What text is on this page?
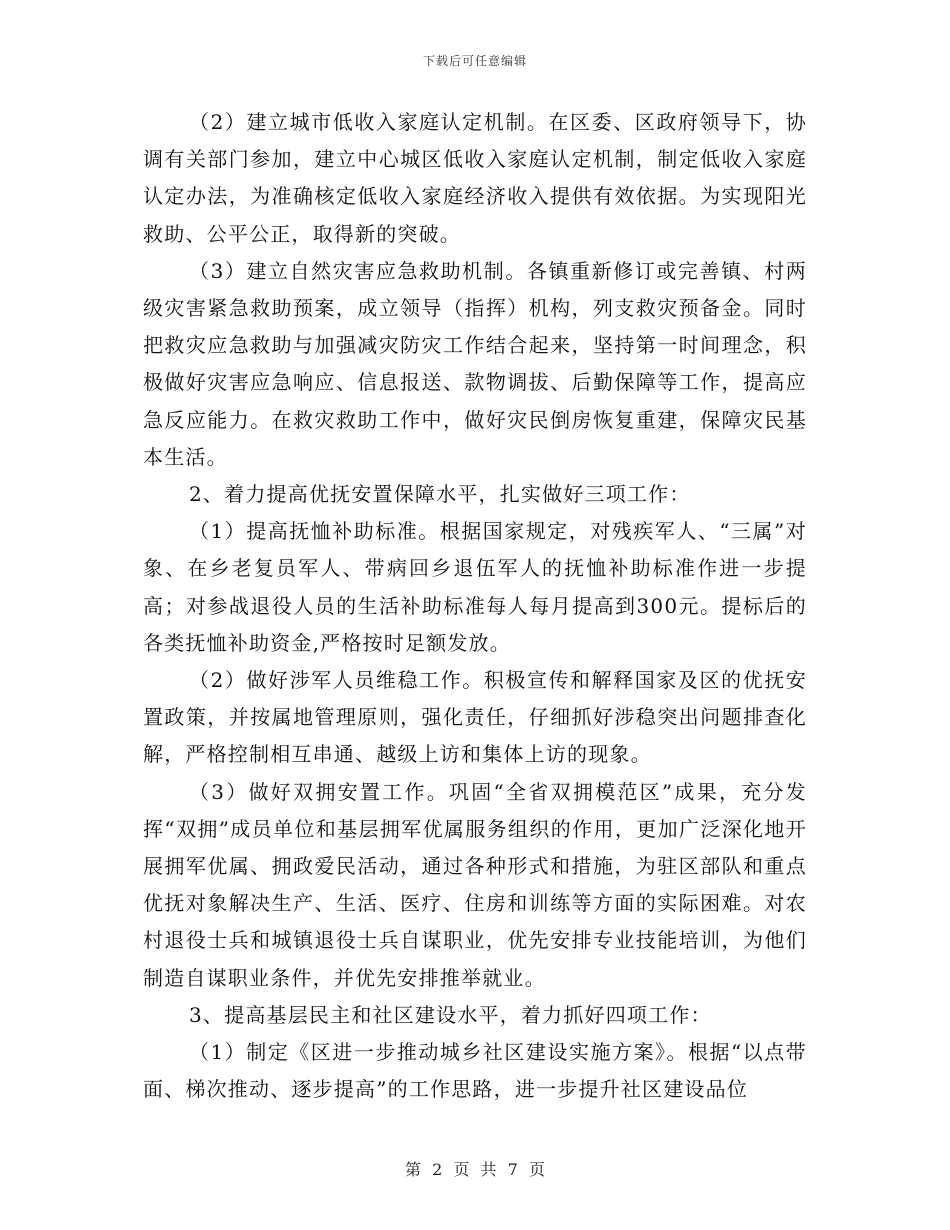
下载后可任意编辑

（2）建立城市低收入家庭认定机制。在区委、区政府领导下，协调有关部门参加，建立中心城区低收入家庭认定机制，制定低收入家庭认定办法，为准确核定低收入家庭经济收入提供有效依据。为实现阳光救助、公平公正，取得新的突破。

（3）建立自然灾害应急救助机制。各镇重新修订或完善镇、村两级灾害紧急救助预案，成立领导（指挥）机构，列支救灾预备金。同时把救灾应急救助与加强减灾防灾工作结合起来，坚持第一时间理念，积极做好灾害应急响应、信息报送、款物调拔、后勤保障等工作，提高应急反应能力。在救灾救助工作中，做好灾民倒房恢复重建，保障灾民基本生活。

2、着力提高优抚安置保障水平，扎实做好三项工作：

（1）提高抚恤补助标准。根据国家规定，对残疾军人、“三属”对象、在乡老复员军人、带病回乡退伍军人的抚恤补助标准作进一步提高；对参战退役人员的生活补助标准每人每月提高到300元。提标后的各类抚恤补助资金,严格按时足额发放。

（2）做好涉军人员维稳工作。积极宣传和解释国家及区的优抚安置政策，并按属地管理原则，强化责任，仔细抓好涉稳突出问题排查化解，严格控制相互串通、越级上访和集体上访的现象。

（3）做好双拥安置工作。巩固“全省双拥模范区”成果，充分发挥“双拥”成员单位和基层拥军优属服务组织的作用，更加广泛深化地开展拥军优属、拥政爱民活动，通过各种形式和措施，为驻区部队和重点优抚对象解决生产、生活、医疗、住房和训练等方面的实际困难。对农村退役士兵和城镇退役士兵自谋职业，优先安排专业技能培训，为他们制造自谋职业条件，并优先安排推举就业。

3、提高基层民主和社区建设水平，着力抓好四项工作：

（1）制定《区进一步推动城乡社区建设实施方案》。根据“以点带面、梯次推动、逐步提高”的工作思路，进一步提升社区建设品位

第 2 页 共 7 页
